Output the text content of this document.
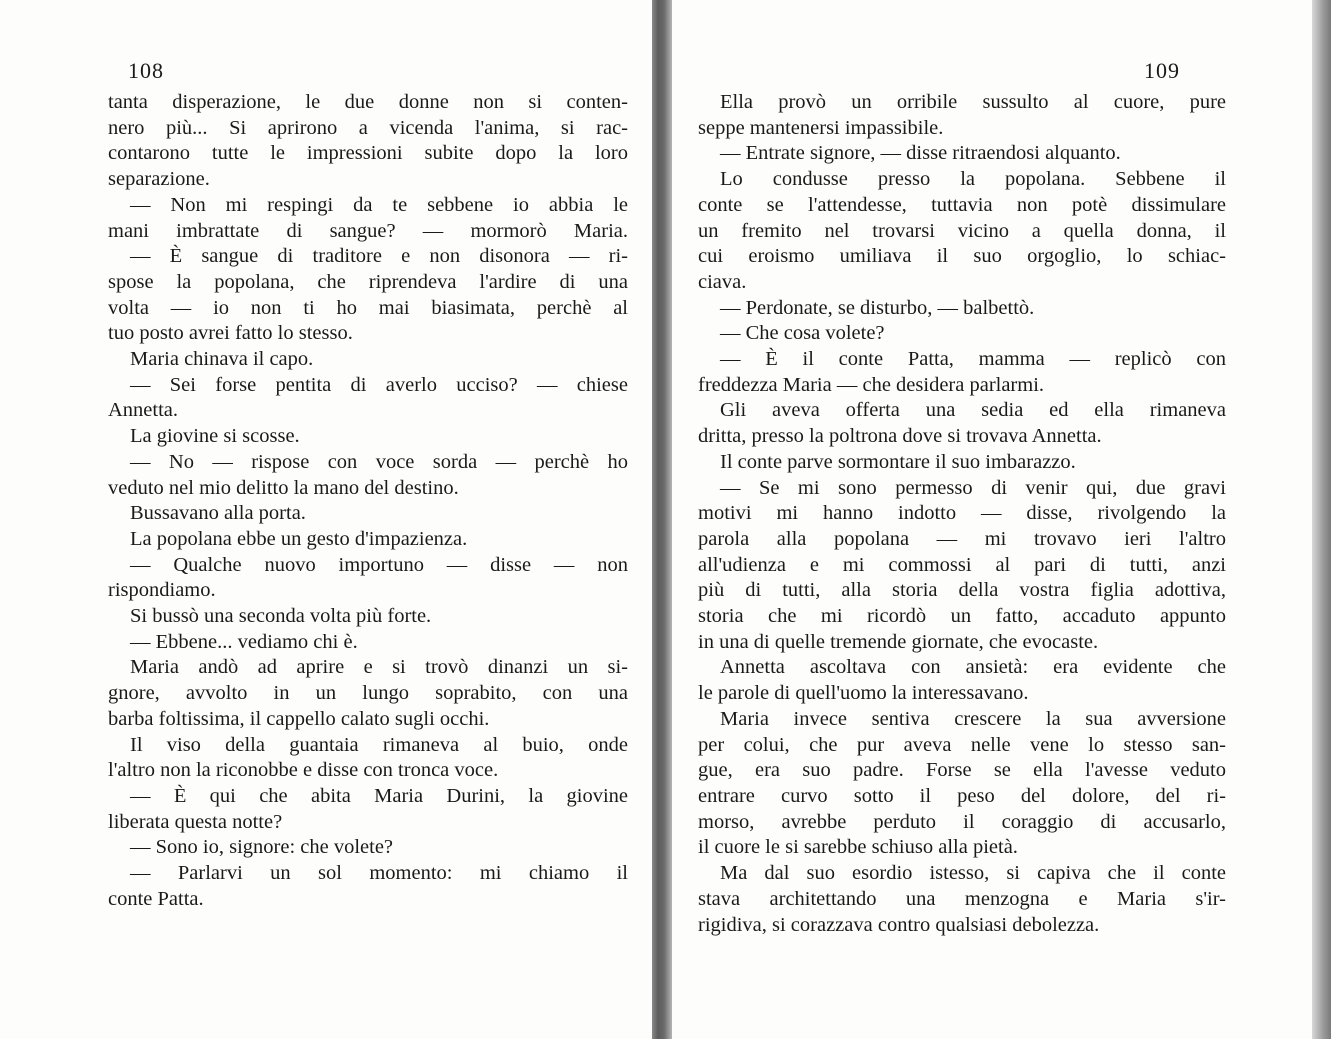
108
tanta disperazione, le due donne non si conten-
nero più... Si aprirono a vicenda l'anima, si rac-
contarono tutte le impressioni subite dopo la loro
separazione.
— Non mi respingi da te sebbene io abbia le
mani imbrattate di sangue? — mormorò Maria.
— È sangue di traditore e non disonora — ri-
spose la popolana, che riprendeva l'ardire di una
volta — io non ti ho mai biasimata, perchè al
tuo posto avrei fatto lo stesso.
Maria chinava il capo.
— Sei forse pentita di averlo ucciso? — chiese
Annetta.
La giovine si scosse.
— No — rispose con voce sorda — perchè ho
veduto nel mio delitto la mano del destino.
Bussavano alla porta.
La popolana ebbe un gesto d'impazienza.
— Qualche nuovo importuno — disse — non
rispondiamo.
Si bussò una seconda volta più forte.
— Ebbene... vediamo chi è.
Maria andò ad aprire e si trovò dinanzi un si-
gnore, avvolto in un lungo soprabito, con una
barba foltissima, il cappello calato sugli occhi.
Il viso della guantaia rimaneva al buio, onde
l'altro non la riconobbe e disse con tronca voce.
— È qui che abita Maria Durini, la giovine
liberata questa notte?
— Sono io, signore: che volete?
— Parlarvi un sol momento: mi chiamo il
conte Patta.
109
Ella provò un orribile sussulto al cuore, pure
seppe mantenersi impassibile.
— Entrate signore, — disse ritraendosi alquanto.
Lo condusse presso la popolana. Sebbene il
conte se l'attendesse, tuttavia non potè dissimulare
un fremito nel trovarsi vicino a quella donna, il
cui eroismo umiliava il suo orgoglio, lo schiac-
ciava.
— Perdonate, se disturbo, — balbettò.
— Che cosa volete?
— È il conte Patta, mamma — replicò con
freddezza Maria — che desidera parlarmi.
Gli aveva offerta una sedia ed ella rimaneva
dritta, presso la poltrona dove si trovava Annetta.
Il conte parve sormontare il suo imbarazzo.
— Se mi sono permesso di venir qui, due gravi
motivi mi hanno indotto — disse, rivolgendo la
parola alla popolana — mi trovavo ieri l'altro
all'udienza e mi commossi al pari di tutti, anzi
più di tutti, alla storia della vostra figlia adottiva,
storia che mi ricordò un fatto, accaduto appunto
in una di quelle tremende giornate, che evocaste.
Annetta ascoltava con ansietà: era evidente che
le parole di quell'uomo la interessavano.
Maria invece sentiva crescere la sua avversione
per colui, che pur aveva nelle vene lo stesso san-
gue, era suo padre. Forse se ella l'avesse veduto
entrare curvo sotto il peso del dolore, del ri-
morso, avrebbe perduto il coraggio di accusarlo,
il cuore le si sarebbe schiuso alla pietà.
Ma dal suo esordio istesso, si capiva che il conte
stava architettando una menzogna e Maria s'ir-
rigidiva, si corazzava contro qualsiasi debolezza.
